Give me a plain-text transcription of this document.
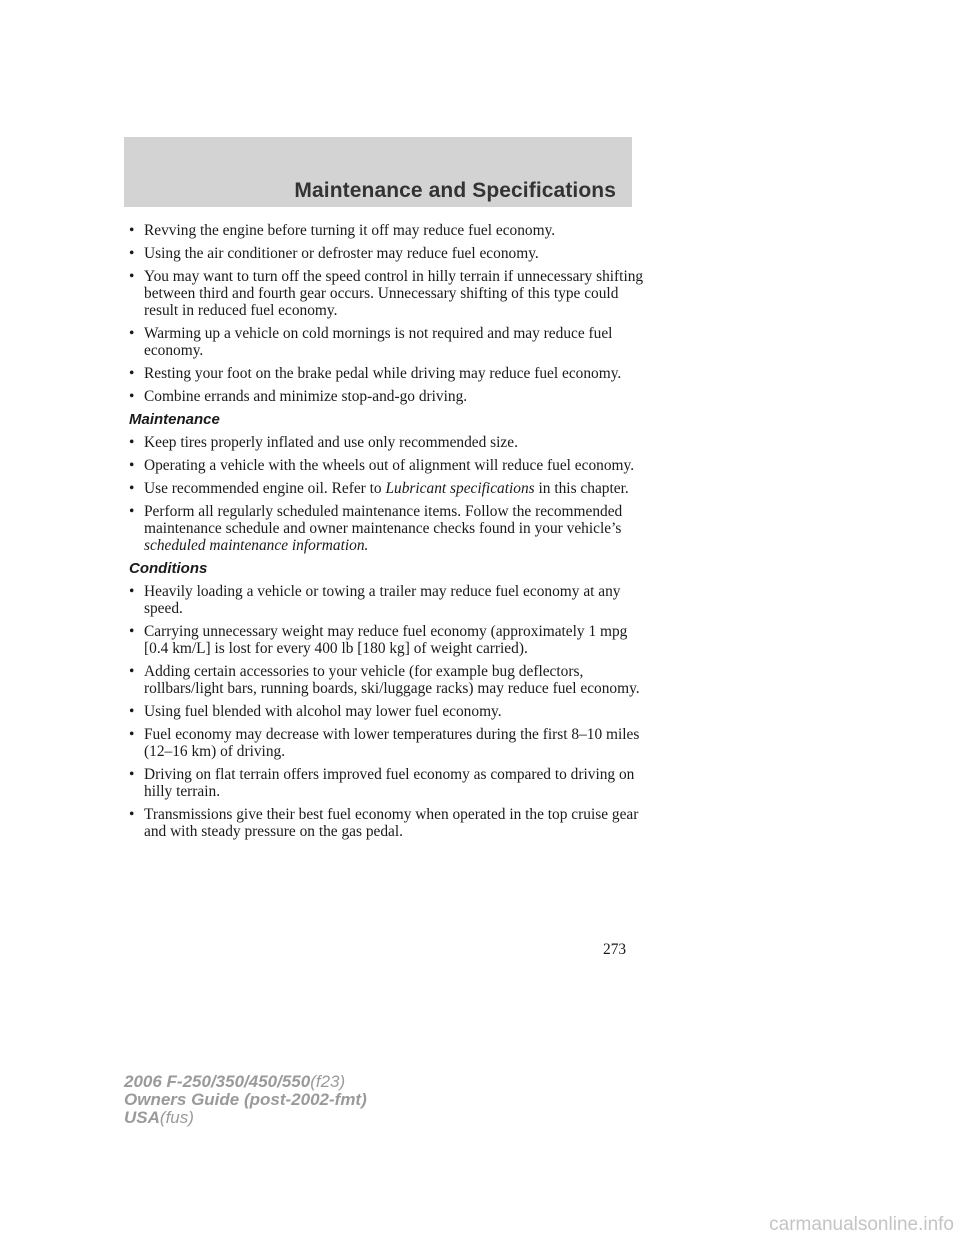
Maintenance and Specifications
• Revving the engine before turning it off may reduce fuel economy.
• Using the air conditioner or defroster may reduce fuel economy.
• You may want to turn off the speed control in hilly terrain if unnecessary shifting between third and fourth gear occurs. Unnecessary shifting of this type could result in reduced fuel economy.
• Warming up a vehicle on cold mornings is not required and may reduce fuel economy.
• Resting your foot on the brake pedal while driving may reduce fuel economy.
• Combine errands and minimize stop-and-go driving.
Maintenance
• Keep tires properly inflated and use only recommended size.
• Operating a vehicle with the wheels out of alignment will reduce fuel economy.
• Use recommended engine oil. Refer to Lubricant specifications in this chapter.
• Perform all regularly scheduled maintenance items. Follow the recommended maintenance schedule and owner maintenance checks found in your vehicle’s scheduled maintenance information.
Conditions
• Heavily loading a vehicle or towing a trailer may reduce fuel economy at any speed.
• Carrying unnecessary weight may reduce fuel economy (approximately 1 mpg [0.4 km/L] is lost for every 400 lb [180 kg] of weight carried).
• Adding certain accessories to your vehicle (for example bug deflectors, rollbars/light bars, running boards, ski/luggage racks) may reduce fuel economy.
• Using fuel blended with alcohol may lower fuel economy.
• Fuel economy may decrease with lower temperatures during the first 8–10 miles (12–16 km) of driving.
• Driving on flat terrain offers improved fuel economy as compared to driving on hilly terrain.
• Transmissions give their best fuel economy when operated in the top cruise gear and with steady pressure on the gas pedal.
273
2006 F-250/350/450/550(f23)
Owners Guide (post-2002-fmt)
USA(fus)
carmanualsonline.info
